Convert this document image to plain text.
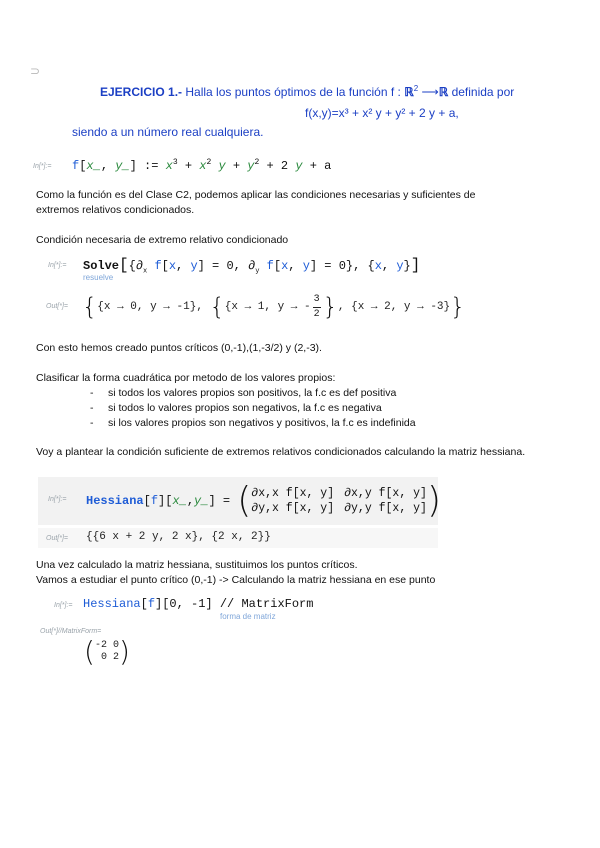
⊃
EJERCICIO 1.- Halla los puntos óptimos de la función f : ℝ$^2$ ⟶ℝ definida por
f(x,y)=x³ + x² y + y² + 2 y + a,
siendo a un número real cualquiera.
In[*]:= f[x_, y_] := $x^3 + x^2$ $y + y^2 + 2$ y + a
Como la función es del Clase C2, podemos aplicar las condiciones necesarias y suficientes de extremos relativos condicionados.
Condición necesaria de extremo relativo condicionado
In[*]:= $Solve[\{\partial_x$ f[x, y] = 0, $\partial_y$ f[x, y] = 0}, {x, y}]
resuelve
Out[*]= { {x → 0, y → -1} , { {x → 1, y → -
3
2 } , {x → 2, y → -3} }
Con esto hemos creado puntos críticos (0,-1),(1,-3/2) y (2,-3).
Clasificar la forma cuadrática por metodo de los valores propios:
-	si todos los valores propios son positivos, la f.c es def positiva
-	si todos lo valores propios son negativos, la f.c es negativa
-	si los valores propios son negativos y positivos, la f.c es indefinida
Voy a plantear la condición suficiente de extremos relativos condicionados calculando la matriz hessiana.
In[*]:= Hessiana [ f ][ x_ , y_ ] = ( ∂x,x f[x, y] ∂x,y f[x, y]
∂y,x f[x, y] ∂y,y f[x, y] )
Out[*]= {{6 x + 2 y, 2 x}, {2 x, 2}}
Una vez calculado la matriz hessiana, sustituimos los puntos críticos.
Vamos a estudiar el punto crítico (0,-1) -> Calculando la matriz hessiana en ese punto
In[*]:= Hessiana[f][0, -1] // MatrixForm
forma de matriz
Out[*]//MatrixForm=
( -2 0
0 2 )
